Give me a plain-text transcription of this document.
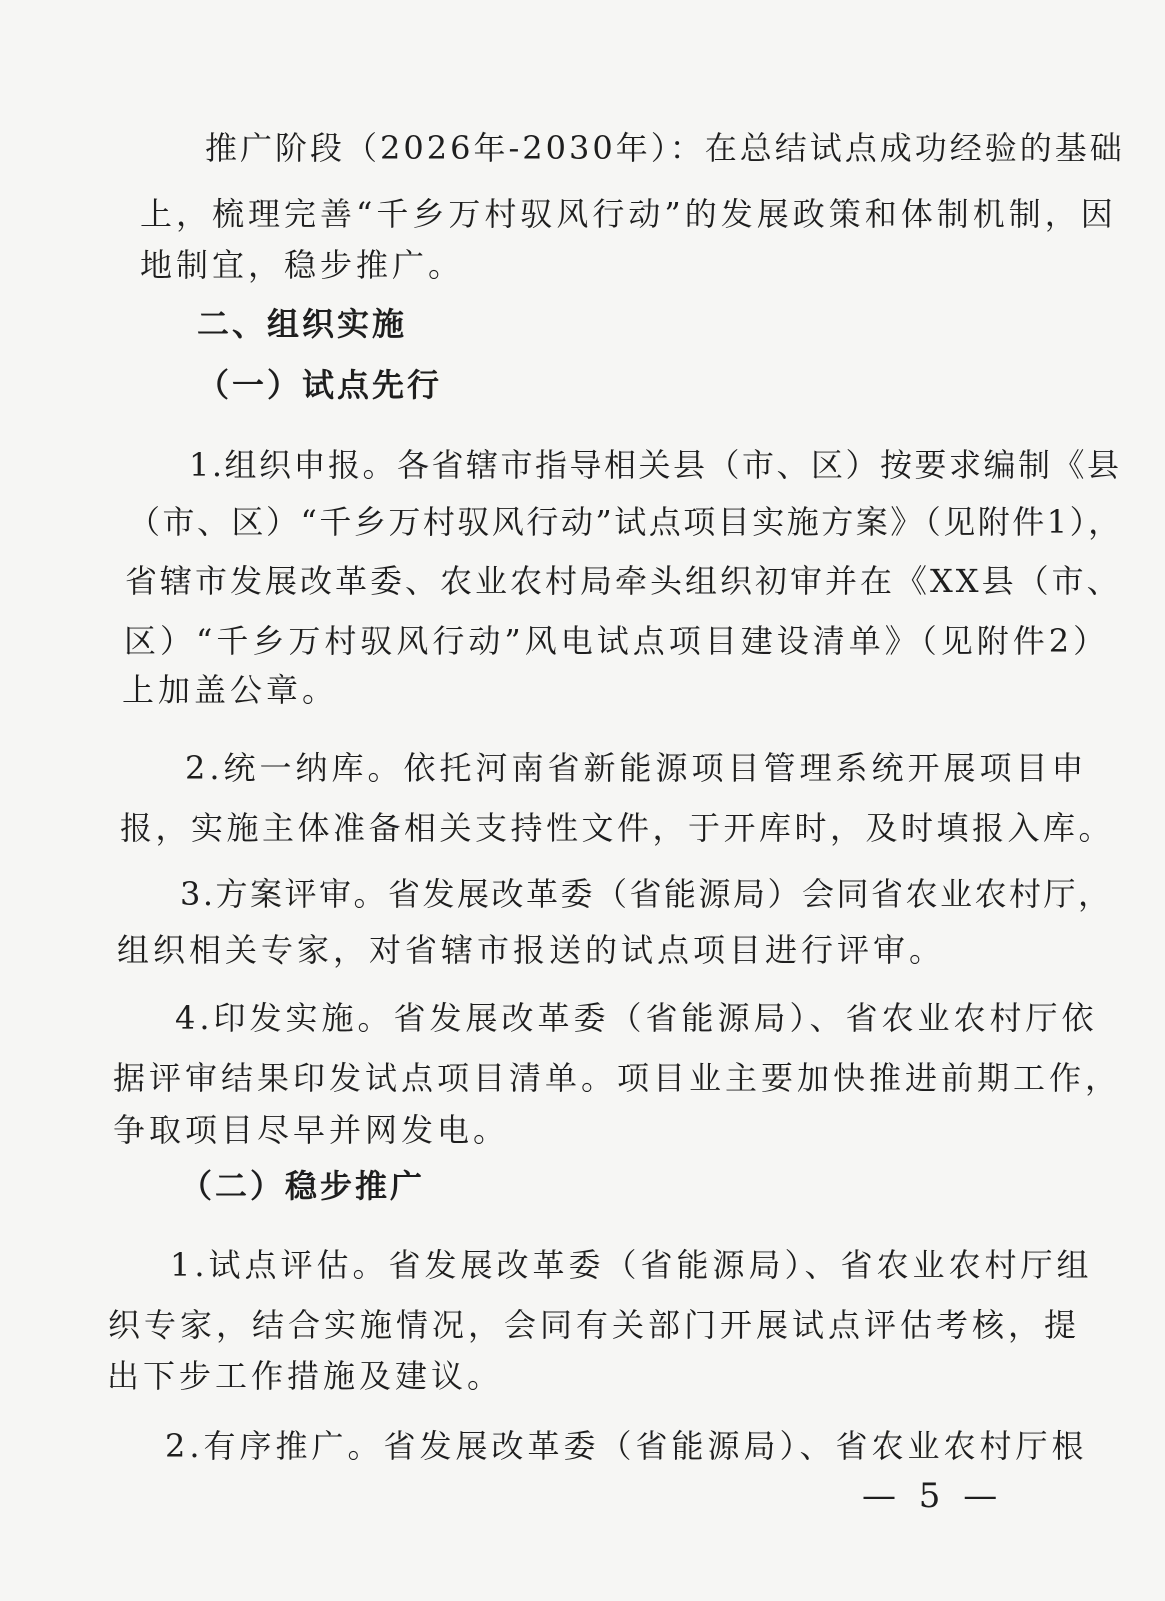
推广阶段（2026年-2030年）：在总结试点成功经验的基础
上，梳理完善“千乡万村驭风行动”的发展政策和体制机制，因
地制宜，稳步推广。
二、组织实施
（一）试点先行
1.组织申报。各省辖市指导相关县（市、区）按要求编制《县
（市、区）“千乡万村驭风行动”试点项目实施方案》（见附件1），
省辖市发展改革委、农业农村局牵头组织初审并在《XX县（市、
区）“千乡万村驭风行动”风电试点项目建设清单》（见附件2）
上加盖公章。
2.统一纳库。依托河南省新能源项目管理系统开展项目申
报，实施主体准备相关支持性文件，于开库时，及时填报入库。
3.方案评审。省发展改革委（省能源局）会同省农业农村厅，
组织相关专家，对省辖市报送的试点项目进行评审。
4.印发实施。省发展改革委（省能源局）、省农业农村厅依
据评审结果印发试点项目清单。项目业主要加快推进前期工作，
争取项目尽早并网发电。
（二）稳步推广
1.试点评估。省发展改革委（省能源局）、省农业农村厅组
织专家，结合实施情况，会同有关部门开展试点评估考核，提
出下步工作措施及建议。
2.有序推广。省发展改革委（省能源局）、省农业农村厅根
— 5 —
